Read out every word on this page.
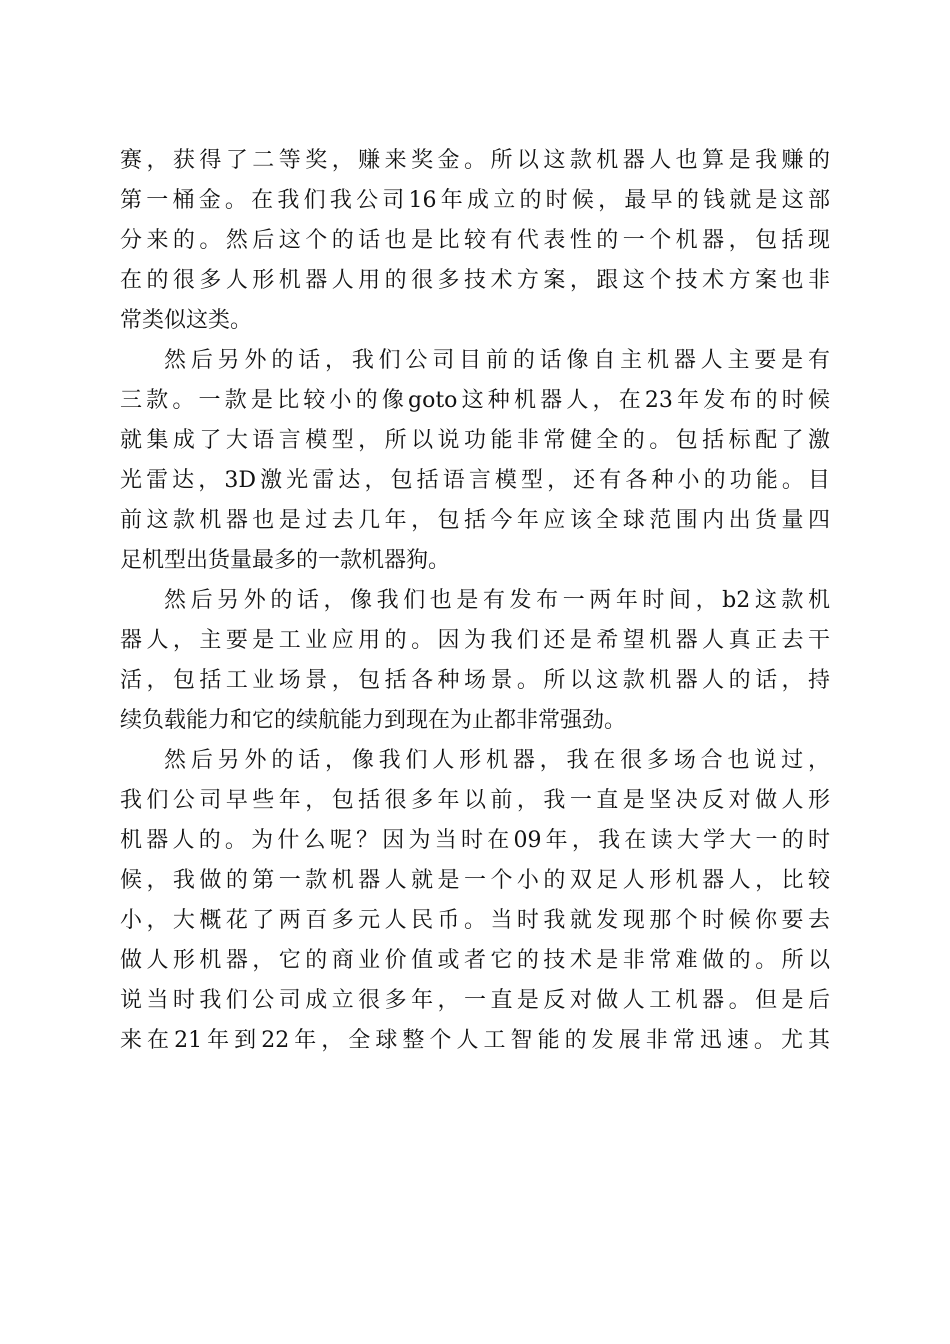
赛，获得了二等奖，赚来奖金。所以这款机器人也算是我赚的
第一桶金。在我们我公司16年成立的时候，最早的钱就是这部
分来的。然后这个的话也是比较有代表性的一个机器，包括现
在的很多人形机器人用的很多技术方案，跟这个技术方案也非
常类似这类。
然后另外的话，我们公司目前的话像自主机器人主要是有
三款。一款是比较小的像goto这种机器人，在23年发布的时候
就集成了大语言模型，所以说功能非常健全的。包括标配了激
光雷达，3D激光雷达，包括语言模型，还有各种小的功能。目
前这款机器也是过去几年，包括今年应该全球范围内出货量四
足机型出货量最多的一款机器狗。
然后另外的话，像我们也是有发布一两年时间，b2这款机
器人，主要是工业应用的。因为我们还是希望机器人真正去干
活，包括工业场景，包括各种场景。所以这款机器人的话，持
续负载能力和它的续航能力到现在为止都非常强劲。
然后另外的话，像我们人形机器，我在很多场合也说过，
我们公司早些年，包括很多年以前，我一直是坚决反对做人形
机器人的。为什么呢？因为当时在09年，我在读大学大一的时
候，我做的第一款机器人就是一个小的双足人形机器人，比较
小，大概花了两百多元人民币。当时我就发现那个时候你要去
做人形机器，它的商业价值或者它的技术是非常难做的。所以
说当时我们公司成立很多年，一直是反对做人工机器。但是后
来在21年到22年，全球整个人工智能的发展非常迅速。尤其
